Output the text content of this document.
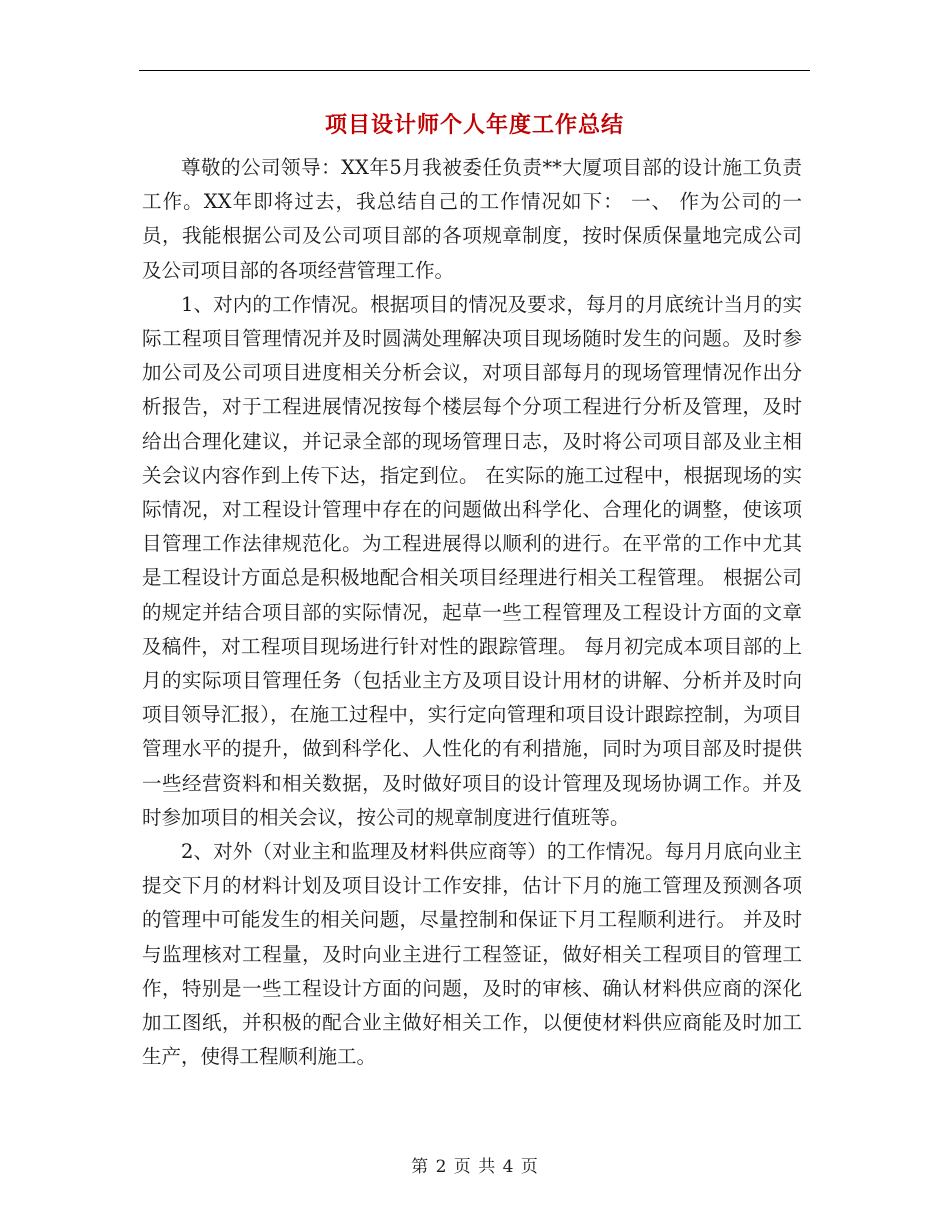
项目设计师个人年度工作总结

尊敬的公司领导：XX年5月我被委任负责**大厦项目部的设计施工负责工作。XX年即将过去，我总结自己的工作情况如下： 一、 作为公司的一员，我能根据公司及公司项目部的各项规章制度，按时保质保量地完成公司及公司项目部的各项经营管理工作。

1、对内的工作情况。根据项目的情况及要求，每月的月底统计当月的实际工程项目管理情况并及时圆满处理解决项目现场随时发生的问题。及时参加公司及公司项目进度相关分析会议，对项目部每月的现场管理情况作出分析报告，对于工程进展情况按每个楼层每个分项工程进行分析及管理，及时给出合理化建议，并记录全部的现场管理日志，及时将公司项目部及业主相关会议内容作到上传下达，指定到位。 在实际的施工过程中，根据现场的实际情况，对工程设计管理中存在的问题做出科学化、合理化的调整，使该项目管理工作法律规范化。为工程进展得以顺利的进行。在平常的工作中尤其是工程设计方面总是积极地配合相关项目经理进行相关工程管理。 根据公司的规定并结合项目部的实际情况，起草一些工程管理及工程设计方面的文章及稿件，对工程项目现场进行针对性的跟踪管理。 每月初完成本项目部的上月的实际项目管理任务（包括业主方及项目设计用材的讲解、分析并及时向项目领导汇报），在施工过程中，实行定向管理和项目设计跟踪控制，为项目管理水平的提升，做到科学化、人性化的有利措施，同时为项目部及时提供一些经营资料和相关数据，及时做好项目的设计管理及现场协调工作。并及时参加项目的相关会议，按公司的规章制度进行值班等。

2、对外（对业主和监理及材料供应商等）的工作情况。每月月底向业主提交下月的材料计划及项目设计工作安排，估计下月的施工管理及预测各项的管理中可能发生的相关问题，尽量控制和保证下月工程顺利进行。 并及时与监理核对工程量，及时向业主进行工程签证，做好相关工程项目的管理工作，特别是一些工程设计方面的问题，及时的审核、确认材料供应商的深化加工图纸，并积极的配合业主做好相关工作，以便使材料供应商能及时加工生产，使得工程顺利施工。

第 2 页 共 4 页
